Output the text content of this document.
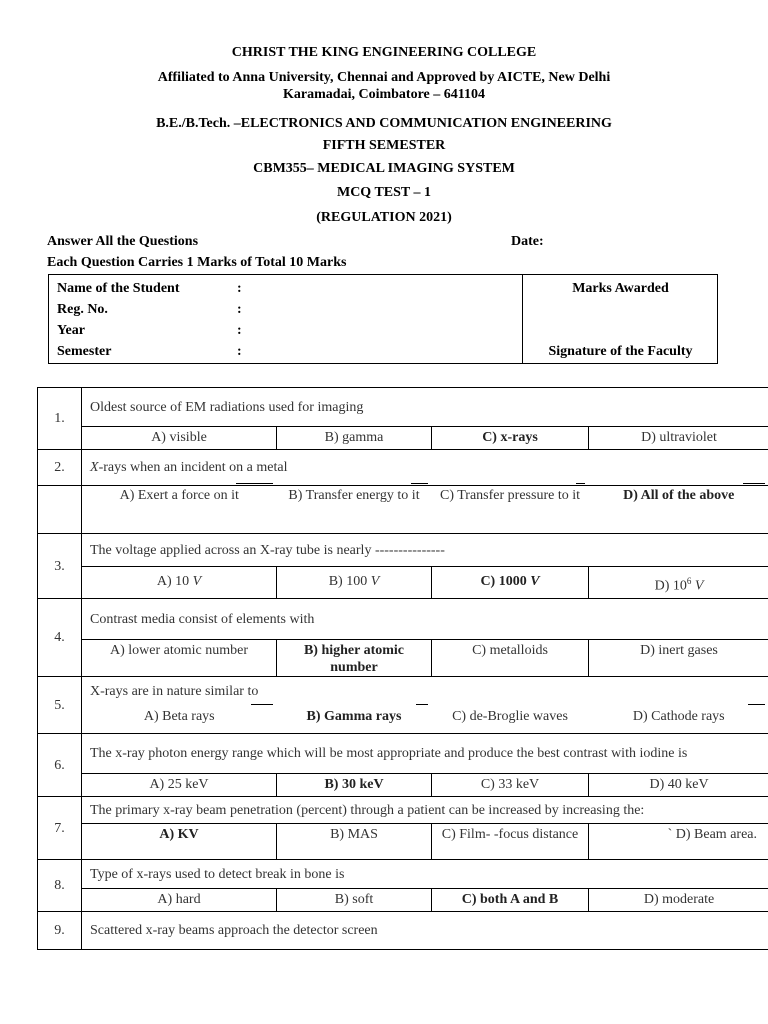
CHRIST THE KING ENGINEERING COLLEGE
Affiliated to Anna University, Chennai and Approved by AICTE, New Delhi
Karamadai, Coimbatore – 641104
B.E./B.Tech. –ELECTRONICS AND COMMUNICATION ENGINEERING
FIFTH SEMESTER
CBM355– MEDICAL IMAGING SYSTEM
MCQ TEST – 1
(REGULATION 2021)
Answer All the Questions	Date:
Each Question Carries 1 Marks of Total 10 Marks
Name of the Student	:
Reg. No.	:
Year	:
Semester	:
Marks Awarded
Signature of the Faculty
1.	Oldest source of EM radiations used for imaging			
	A) visible	B) gamma	C) x-rays	D) ultraviolet
2.	X-rays when an incident on a metal			

A) Exert a force on it	B) Transfer energy to it	C) Transfer pressure to it	D) All of the above
3.	The voltage applied across an X-ray tube is nearly ---------------			
	A) 10 V	B) 100 V	C) 1000 V	D) $10^6$ V
4.	Contrast media consist of elements with			
	A) lower atomic number	B) higher atomic number	C) metalloids	D) inert gases
5.	X-rays are in nature similar to			

A) Beta rays	B) Gamma rays	C) de-Broglie waves	D) Cathode rays
6.	The x-ray photon energy range which will be most appropriate and produce the best contrast with iodine is			
	A) 25 keV	B) 30 keV	C) 33 keV	D) 40 keV
7.	The primary x-ray beam penetration (percent) through a patient can be increased by increasing the:			
	A) KV	B) MAS	C) Film- -focus distance	` D) Beam area.
8.	Type of x-rays used to detect break in bone is			
	A) hard	B) soft	C) both A and B	D) moderate
9.	Scattered x-ray beams approach the detector screen			
